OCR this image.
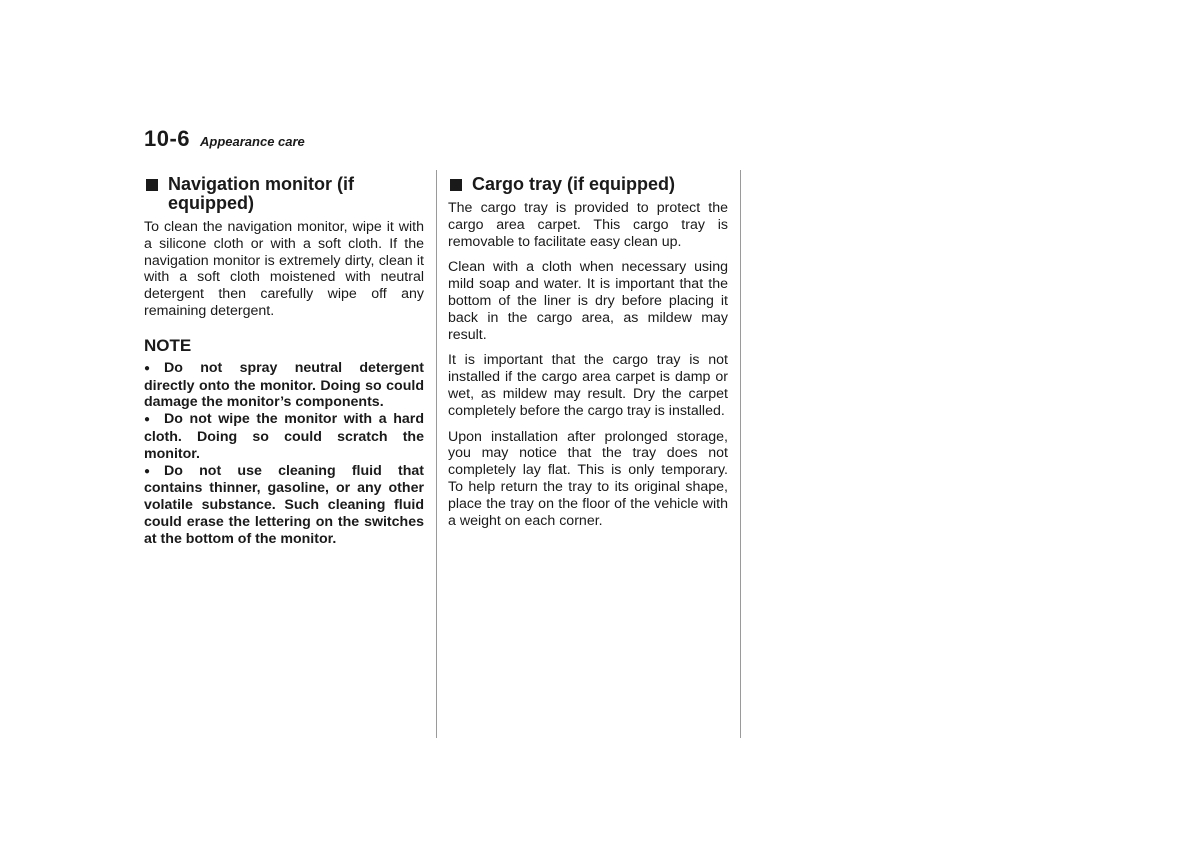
10-6 Appearance care
Navigation monitor (if equipped)

To clean the navigation monitor, wipe it with a silicone cloth or with a soft cloth. If the navigation monitor is extremely dirty, clean it with a soft cloth moistened with neutral detergent then carefully wipe off any remaining detergent.

NOTE

● Do not spray neutral detergent directly onto the monitor. Doing so could damage the monitor’s components.

● Do not wipe the monitor with a hard cloth. Doing so could scratch the monitor.

● Do not use cleaning fluid that contains thinner, gasoline, or any other volatile substance. Such cleaning fluid could erase the lettering on the switches at the bottom of the monitor.

Cargo tray (if equipped)

The cargo tray is provided to protect the cargo area carpet. This cargo tray is removable to facilitate easy clean up.

Clean with a cloth when necessary using mild soap and water. It is important that the bottom of the liner is dry before placing it back in the cargo area, as mildew may result.

It is important that the cargo tray is not installed if the cargo area carpet is damp or wet, as mildew may result. Dry the carpet completely before the cargo tray is installed.

Upon installation after prolonged storage, you may notice that the tray does not completely lay flat. This is only temporary. To help return the tray to its original shape, place the tray on the floor of the vehicle with a weight on each corner.
